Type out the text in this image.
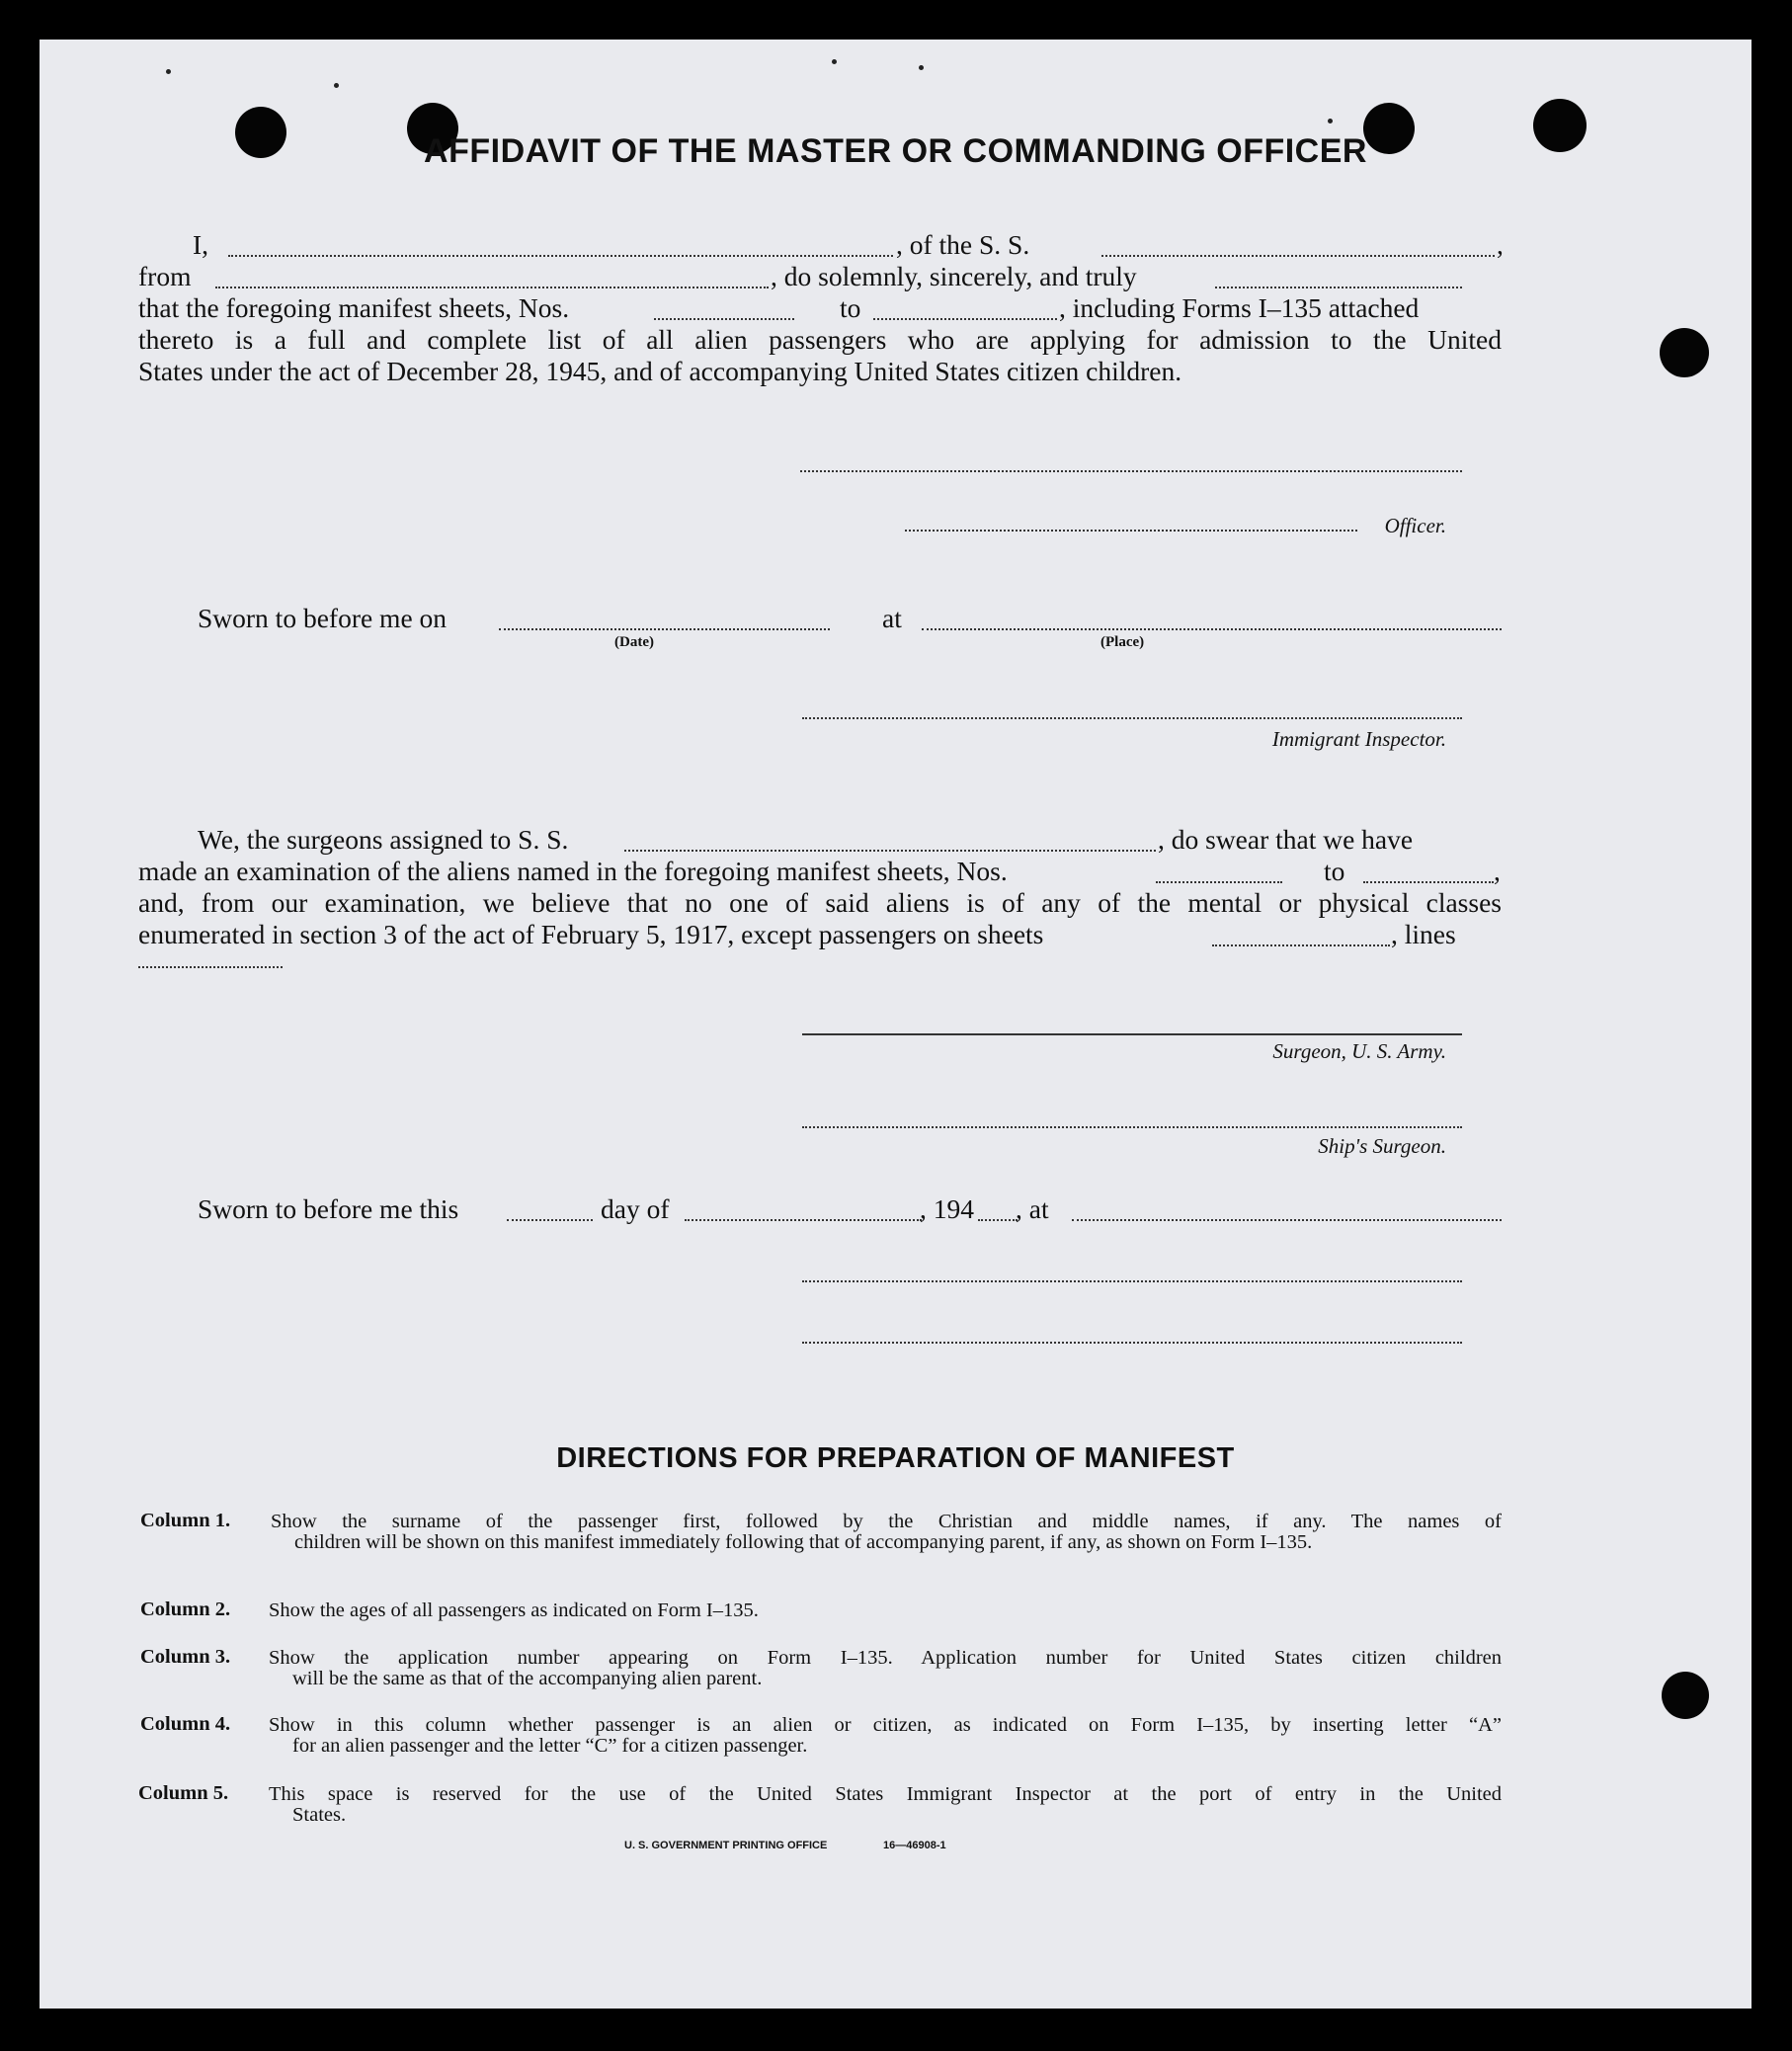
AFFIDAVIT OF THE MASTER OR COMMANDING OFFICER
I,	, of the S. S.	,
from	, do solemnly, sincerely, and truly
that the foregoing manifest sheets, Nos.	to	, including Forms I–135 attached
thereto is a full and complete list of all alien passengers who are applying for admission to the United
States under the act of December 28, 1945, and of accompanying United States citizen children.
Officer.
Sworn to before me on	at
(Date)	(Place)
Immigrant Inspector.
We, the surgeons assigned to S. S.	, do swear that we have
made an examination of the aliens named in the foregoing manifest sheets, Nos.	to	,
and, from our examination, we believe that no one of said aliens is of any of the mental or physical classes
enumerated in section 3 of the act of February 5, 1917, except passengers on sheets	, lines
Surgeon, U. S. Army.
Ship's Surgeon.
Sworn to before me this	day of	, 194 , at
DIRECTIONS FOR PREPARATION OF MANIFEST
Column 1. Show the surname of the passenger first, followed by the Christian and middle names, if any. The names of
children will be shown on this manifest immediately following that of accompanying parent, if any, as shown on Form I–135.
Column 2. Show the ages of all passengers as indicated on Form I–135.
Column 3. Show the application number appearing on Form I–135. Application number for United States citizen children
will be the same as that of the accompanying alien parent.
Column 4. Show in this column whether passenger is an alien or citizen, as indicated on Form I–135, by inserting letter “A”
for an alien passenger and the letter “C” for a citizen passenger.
Column 5. This space is reserved for the use of the United States Immigrant Inspector at the port of entry in the United
States.
U. S. GOVERNMENT PRINTING OFFICE	16—46908-1
